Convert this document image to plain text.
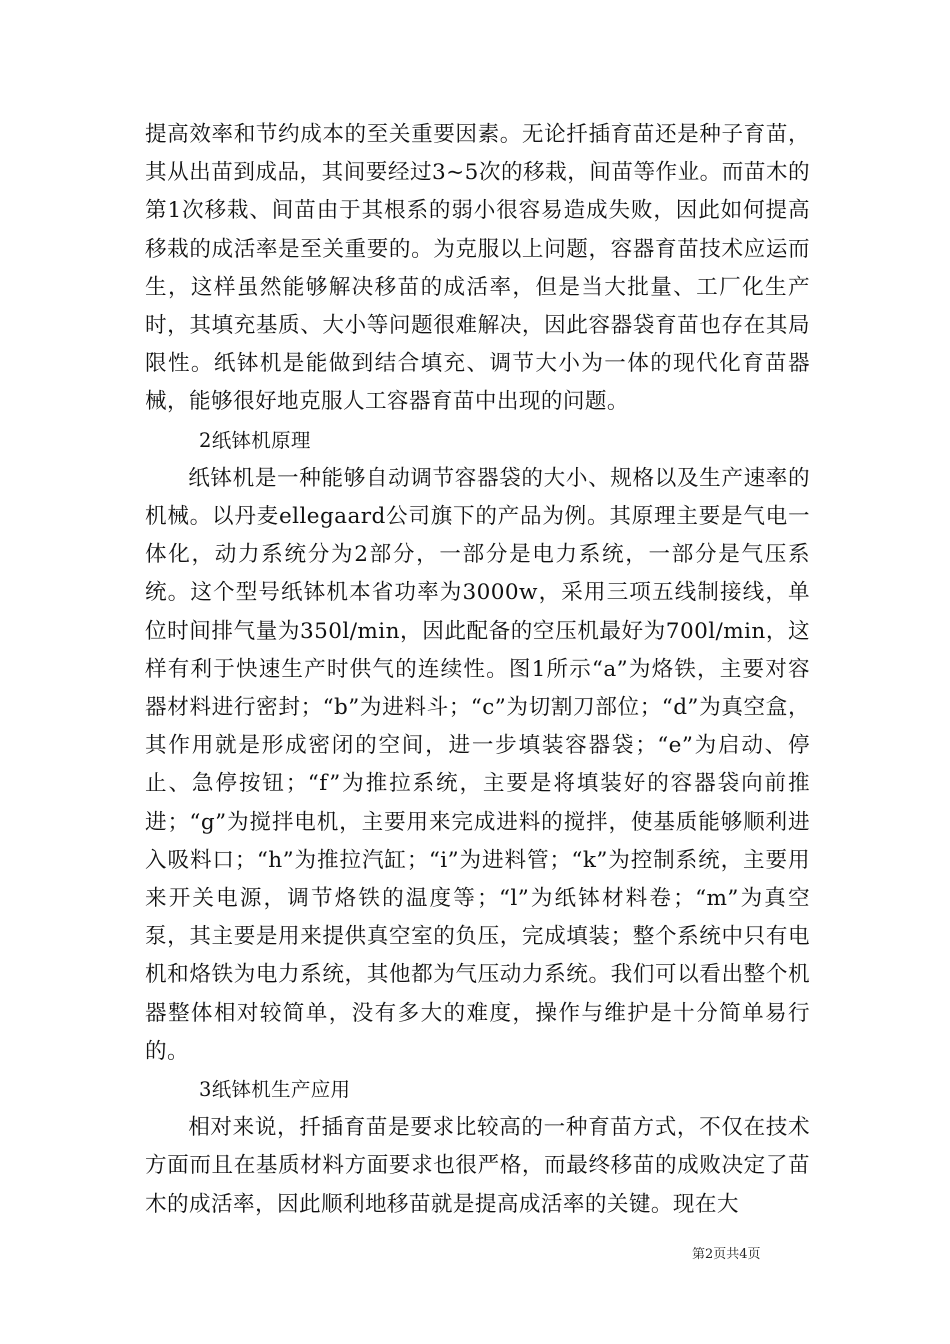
提高效率和节约成本的至关重要因素。无论扦插育苗还是种子育苗，其从出苗到成品，其间要经过3~5次的移栽，间苗等作业。而苗木的第1次移栽、间苗由于其根系的弱小很容易造成失败，因此如何提高移栽的成活率是至关重要的。为克服以上问题，容器育苗技术应运而生，这样虽然能够解决移苗的成活率，但是当大批量、工厂化生产时，其填充基质、大小等问题很难解决，因此容器袋育苗也存在其局限性。纸钵机是能做到结合填充、调节大小为一体的现代化育苗器械，能够很好地克服人工容器育苗中出现的问题。

2纸钵机原理

纸钵机是一种能够自动调节容器袋的大小、规格以及生产速率的机械。以丹麦ellegaard公司旗下的产品为例。其原理主要是气电一体化，动力系统分为2部分，一部分是电力系统，一部分是气压系统。这个型号纸钵机本省功率为3000w，采用三项五线制接线，单位时间排气量为350l/min，因此配备的空压机最好为700l/min，这样有利于快速生产时供气的连续性。图1所示“a”为烙铁，主要对容器材料进行密封；“b”为进料斗；“c”为切割刀部位；“d”为真空盒，其作用就是形成密闭的空间，进一步填装容器袋；“e”为启动、停止、急停按钮；“f”为推拉系统，主要是将填装好的容器袋向前推进；“g”为搅拌电机，主要用来完成进料的搅拌，使基质能够顺利进入吸料口；“h”为推拉汽缸；“i”为进料管；“k”为控制系统，主要用来开关电源，调节烙铁的温度等；“l”为纸钵材料卷；“m”为真空泵，其主要是用来提供真空室的负压，完成填装；整个系统中只有电机和烙铁为电力系统，其他都为气压动力系统。我们可以看出整个机器整体相对较简单，没有多大的难度，操作与维护是十分简单易行的。

3纸钵机生产应用

相对来说，扦插育苗是要求比较高的一种育苗方式，不仅在技术方面而且在基质材料方面要求也很严格，而最终移苗的成败决定了苗木的成活率，因此顺利地移苗就是提高成活率的关键。现在大

第2页共4页
